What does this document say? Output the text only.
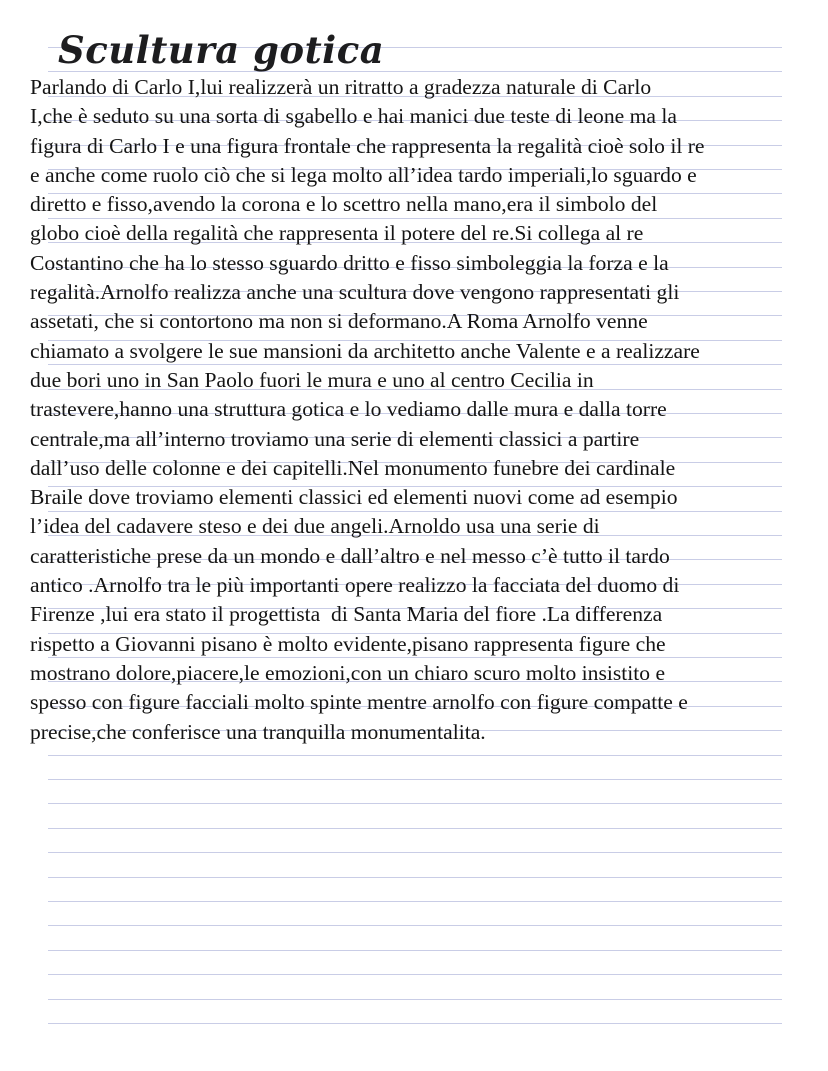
Scultura gotica
Parlando di Carlo I,lui realizzerà un ritratto a gradezza naturale di Carlo
I,che è seduto su una sorta di sgabello e hai manici due teste di leone ma la
figura di Carlo I e una figura frontale che rappresenta la regalità cioè solo il re
e anche come ruolo ciò che si lega molto all’idea tardo imperiali,lo sguardo e
diretto e fisso,avendo la corona e lo scettro nella mano,era il simbolo del
globo cioè della regalità che rappresenta il potere del re.Si collega al re
Costantino che ha lo stesso sguardo dritto e fisso simboleggia la forza e la
regalità.Arnolfo realizza anche una scultura dove vengono rappresentati gli
assetati, che si contortono ma non si deformano.A Roma Arnolfo venne
chiamato a svolgere le sue mansioni da architetto anche Valente e a realizzare
due bori uno in San Paolo fuori le mura e uno al centro Cecilia in
trastevere,hanno una struttura gotica e lo vediamo dalle mura e dalla torre
centrale,ma all’interno troviamo una serie di elementi classici a partire
dall’uso delle colonne e dei capitelli.Nel monumento funebre dei cardinale
Braile dove troviamo elementi classici ed elementi nuovi come ad esempio
l’idea del cadavere steso e dei due angeli.Arnoldo usa una serie di
caratteristiche prese da un mondo e dall’altro e nel messo c’è tutto il tardo
antico .Arnolfo tra le più importanti opere realizzo la facciata del duomo di
Firenze ,lui era stato il progettista  di Santa Maria del fiore .La differenza
rispetto a Giovanni pisano è molto evidente,pisano rappresenta figure che
mostrano dolore,piacere,le emozioni,con un chiaro scuro molto insistito e
spesso con figure facciali molto spinte mentre arnolfo con figure compatte e
precise,che conferisce una tranquilla monumentalita.
